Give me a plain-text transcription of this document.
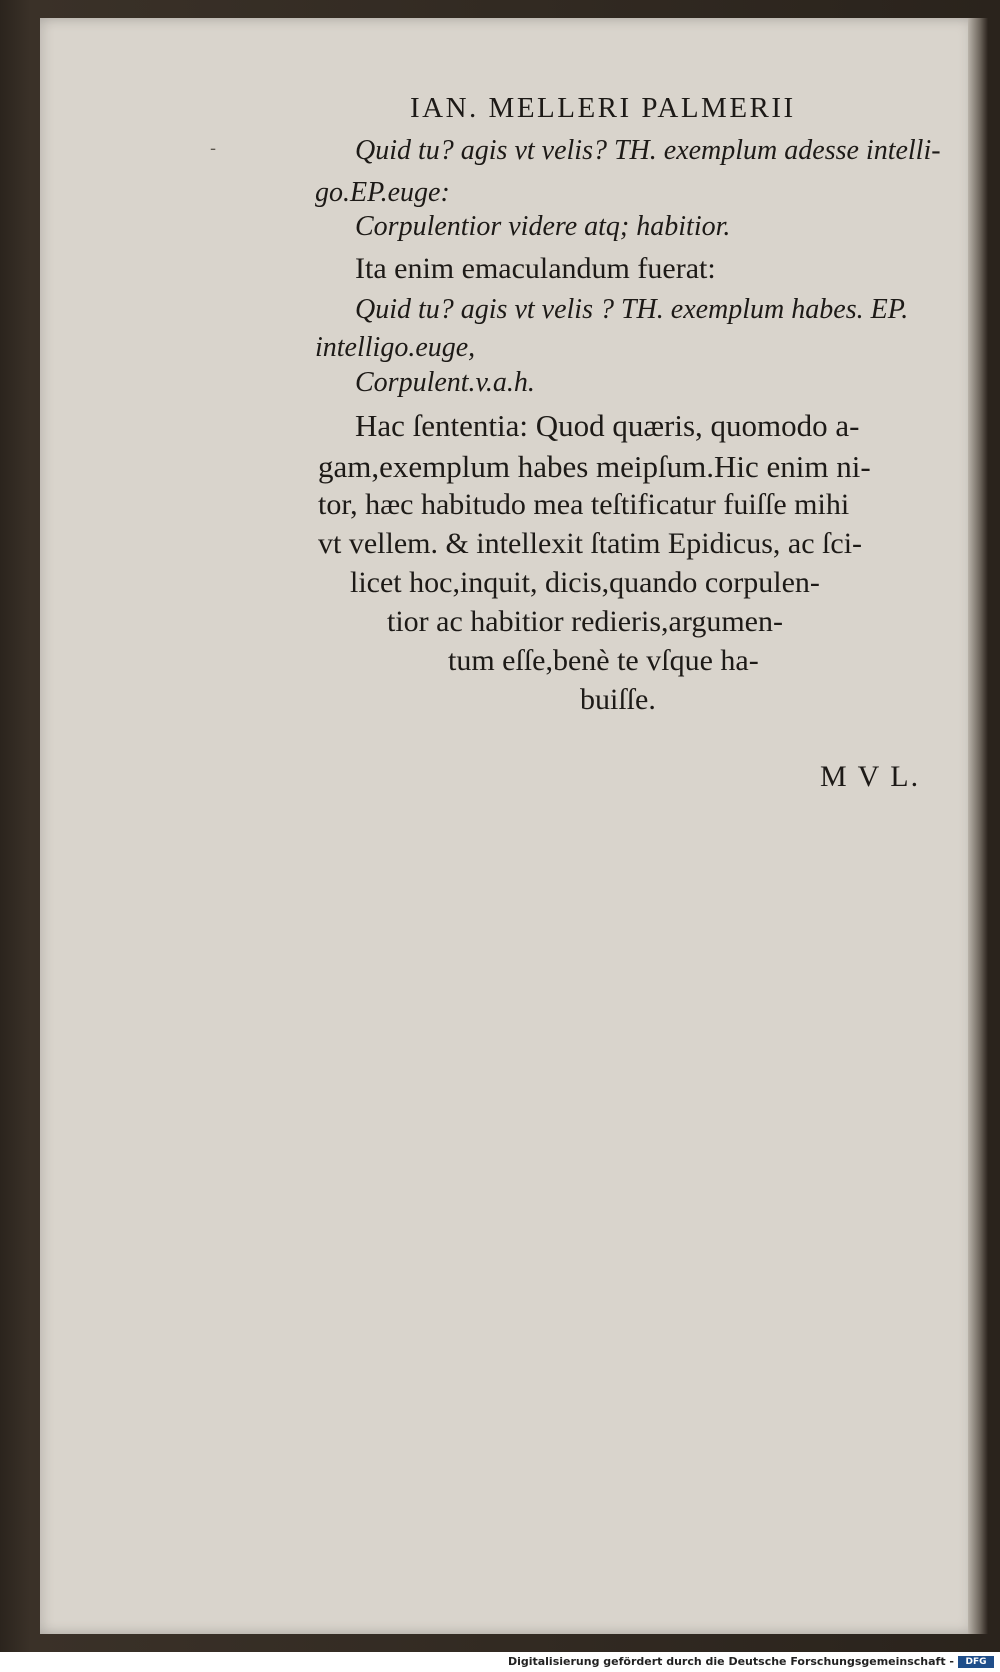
-
IAN. MELLERI PALMERII
Quid tu? agis vt velis? TH. exemplum adesse intelli-
go.EP.euge:
Corpulentior videre atq; habitior.
Ita enim emaculandum fuerat:
Quid tu? agis vt velis ? TH. exemplum habes. EP.
intelligo.euge,
Corpulent.v.a.h.
Hac ſententia: Quod quæris, quomodo a-
gam,exemplum habes meipſum.Hic enim ni-
tor, hæc habitudo mea teſtificatur fuiſſe mihi
vt vellem. & intellexit ſtatim Epidicus, ac ſci-
licet hoc,inquit, dicis,quando corpulen-
tior ac habitior redieris,argumen-
tum eſſe,benè te vſque ha-
buiſſe.
M V L.
Digitalisierung gefördert durch die Deutsche Forschungsgemeinschaft -	DFG
